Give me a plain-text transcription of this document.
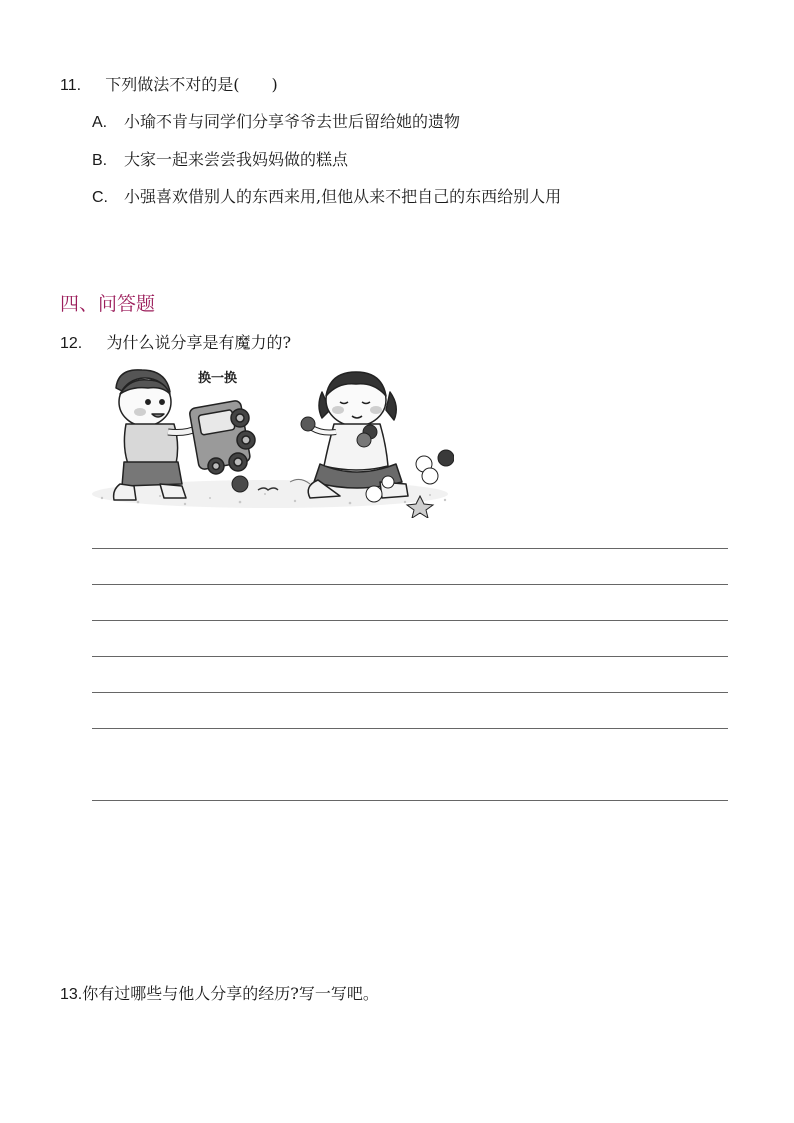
11. 下列做法不对的是(　　)
A. 小瑜不肯与同学们分享爷爷去世后留给她的遗物
B. 大家一起来尝尝我妈妈做的糕点
C. 小强喜欢借别人的东西来用,但他从来不把自己的东西给别人用
四、问答题
12. 为什么说分享是有魔力的?
换一换
13.你有过哪些与他人分享的经历?写一写吧。
